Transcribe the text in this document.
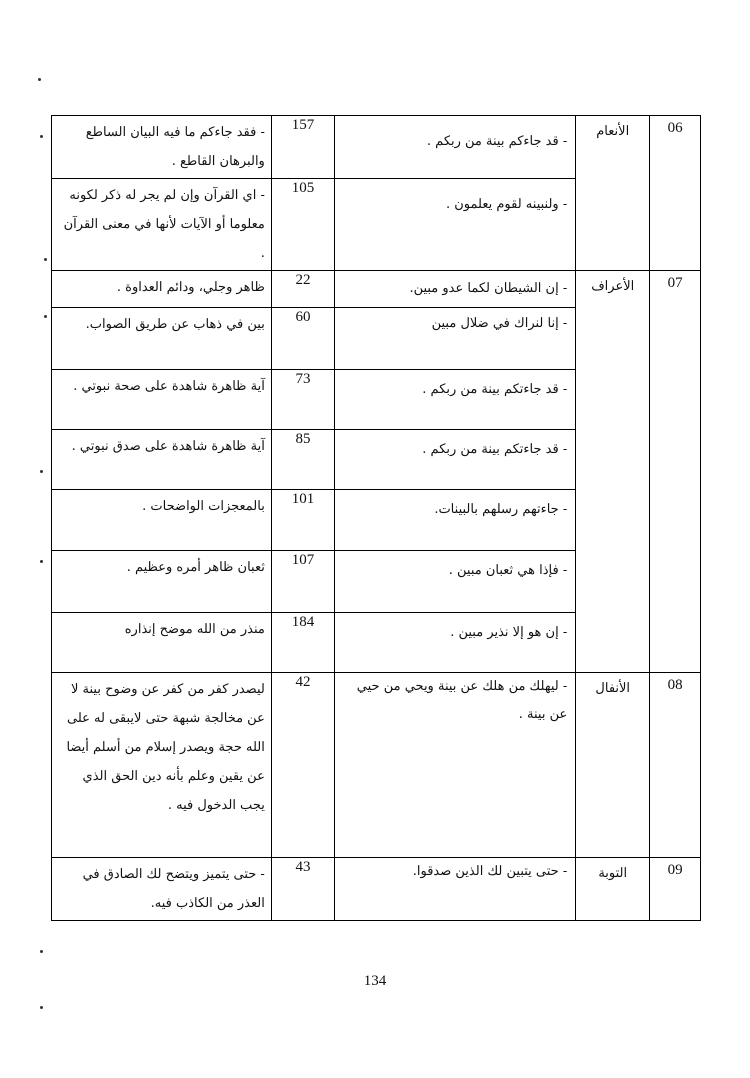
- فقد جاءكم ما فيه البيان الساطع والبرهان القاطع .	157	- قد جاءكم بينة من ربكم .	الأنعام	06
- اي القرآن وإن لم يجر له ذكر لكونه معلوما أو الآيات لأنها في معنى القرآن .	105	- ولنبينه لقوم يعلمون .		
ظاهر وجلي، ودائم العداوة .	22	- إن الشيطان لكما عدو مبين.	الأعراف	07
بين في ذهاب عن طريق الصواب.	60	- إنا لنراك في ضلال مبين		
آية ظاهرة شاهدة على صحة نبوتي .	73	- قد جاءتكم بينة من ربكم .		
آية ظاهرة شاهدة على صدق نبوتي .	85	- قد جاءتكم بينة من ربكم .		
بالمعجزات الواضحات .	101	- جاءتهم رسلهم بالبينات.		
ثعبان ظاهر أمره وعظيم .	107	- فإذا هي ثعبان مبين .		
منذر من الله موضح إنذاره	184	- إن هو إلا نذير مبين .		
ليصدر كفر من كفر عن وضوح بينة لا عن مخالجة شبهة حتى لايبقى له على الله حجة ويصدر إسلام من أسلم أيضا عن يقين وعلم بأنه دين الحق الذي يجب الدخول فيه .	42	- ليهلك من هلك عن بينة ويحي من حيي عن بينة .	الأنفال	08
- حتى يتميز ويتضح لك الصادق في العذر من الكاذب فيه.	43	- حتى يتبين لك الذين صدقوا.	التوبة	09
134
